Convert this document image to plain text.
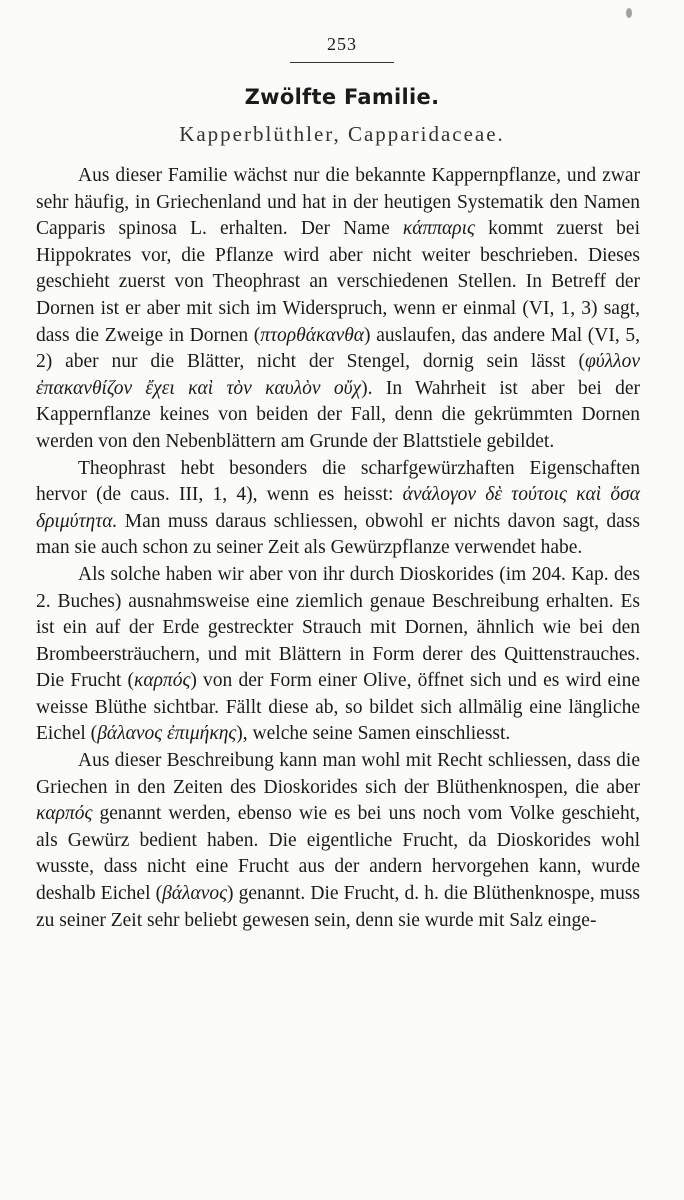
253
Zwölfte Familie.
Kapperblüthler, Capparidaceae.

Aus dieser Familie wächst nur die bekannte Kappernpflanze, und zwar sehr häufig, in Griechenland und hat in der heutigen Systematik den Namen Capparis spinosa L. erhalten. Der Name κάππαρις kommt zuerst bei Hippokrates vor, die Pflanze wird aber nicht weiter beschrieben. Dieses geschieht zuerst von Theophrast an verschiedenen Stellen. In Betreff der Dornen ist er aber mit sich im Widerspruch, wenn er einmal (VI, 1, 3) sagt, dass die Zweige in Dornen (πτορθάκανθα) auslaufen, das andere Mal (VI, 5, 2) aber nur die Blätter, nicht der Stengel, dornig sein lässt (φύλλον ἐπακανθίζον ἔχει καὶ τὸν καυλὸν οὔχ). In Wahrheit ist aber bei der Kappernflanze keines von beiden der Fall, denn die gekrümmten Dornen werden von den Nebenblättern am Grunde der Blattstiele gebildet.

Theophrast hebt besonders die scharfgewürzhaften Eigenschaften hervor (de caus. III, 1, 4), wenn es heisst: ἀνάλογον δὲ τούτοις καὶ ὅσα δριμύτητα. Man muss daraus schliessen, obwohl er nichts davon sagt, dass man sie auch schon zu seiner Zeit als Gewürzpflanze verwendet habe.

Als solche haben wir aber von ihr durch Dioskorides (im 204. Kap. des 2. Buches) ausnahmsweise eine ziemlich genaue Beschreibung erhalten. Es ist ein auf der Erde gestreckter Strauch mit Dornen, ähnlich wie bei den Brombeersträuchern, und mit Blättern in Form derer des Quittenstrauches. Die Frucht (καρπός) von der Form einer Olive, öffnet sich und es wird eine weisse Blüthe sichtbar. Fällt diese ab, so bildet sich allmälig eine längliche Eichel (βάλανος ἐπιμήκης), welche seine Samen einschliesst.

Aus dieser Beschreibung kann man wohl mit Recht schliessen, dass die Griechen in den Zeiten des Dioskorides sich der Blüthenknospen, die aber καρπός genannt werden, ebenso wie es bei uns noch vom Volke geschieht, als Gewürz bedient haben. Die eigentliche Frucht, da Dioskorides wohl wusste, dass nicht eine Frucht aus der andern hervorgehen kann, wurde deshalb Eichel (βάλανος) genannt. Die Frucht, d. h. die Blüthenknospe, muss zu seiner Zeit sehr beliebt gewesen sein, denn sie wurde mit Salz einge-
